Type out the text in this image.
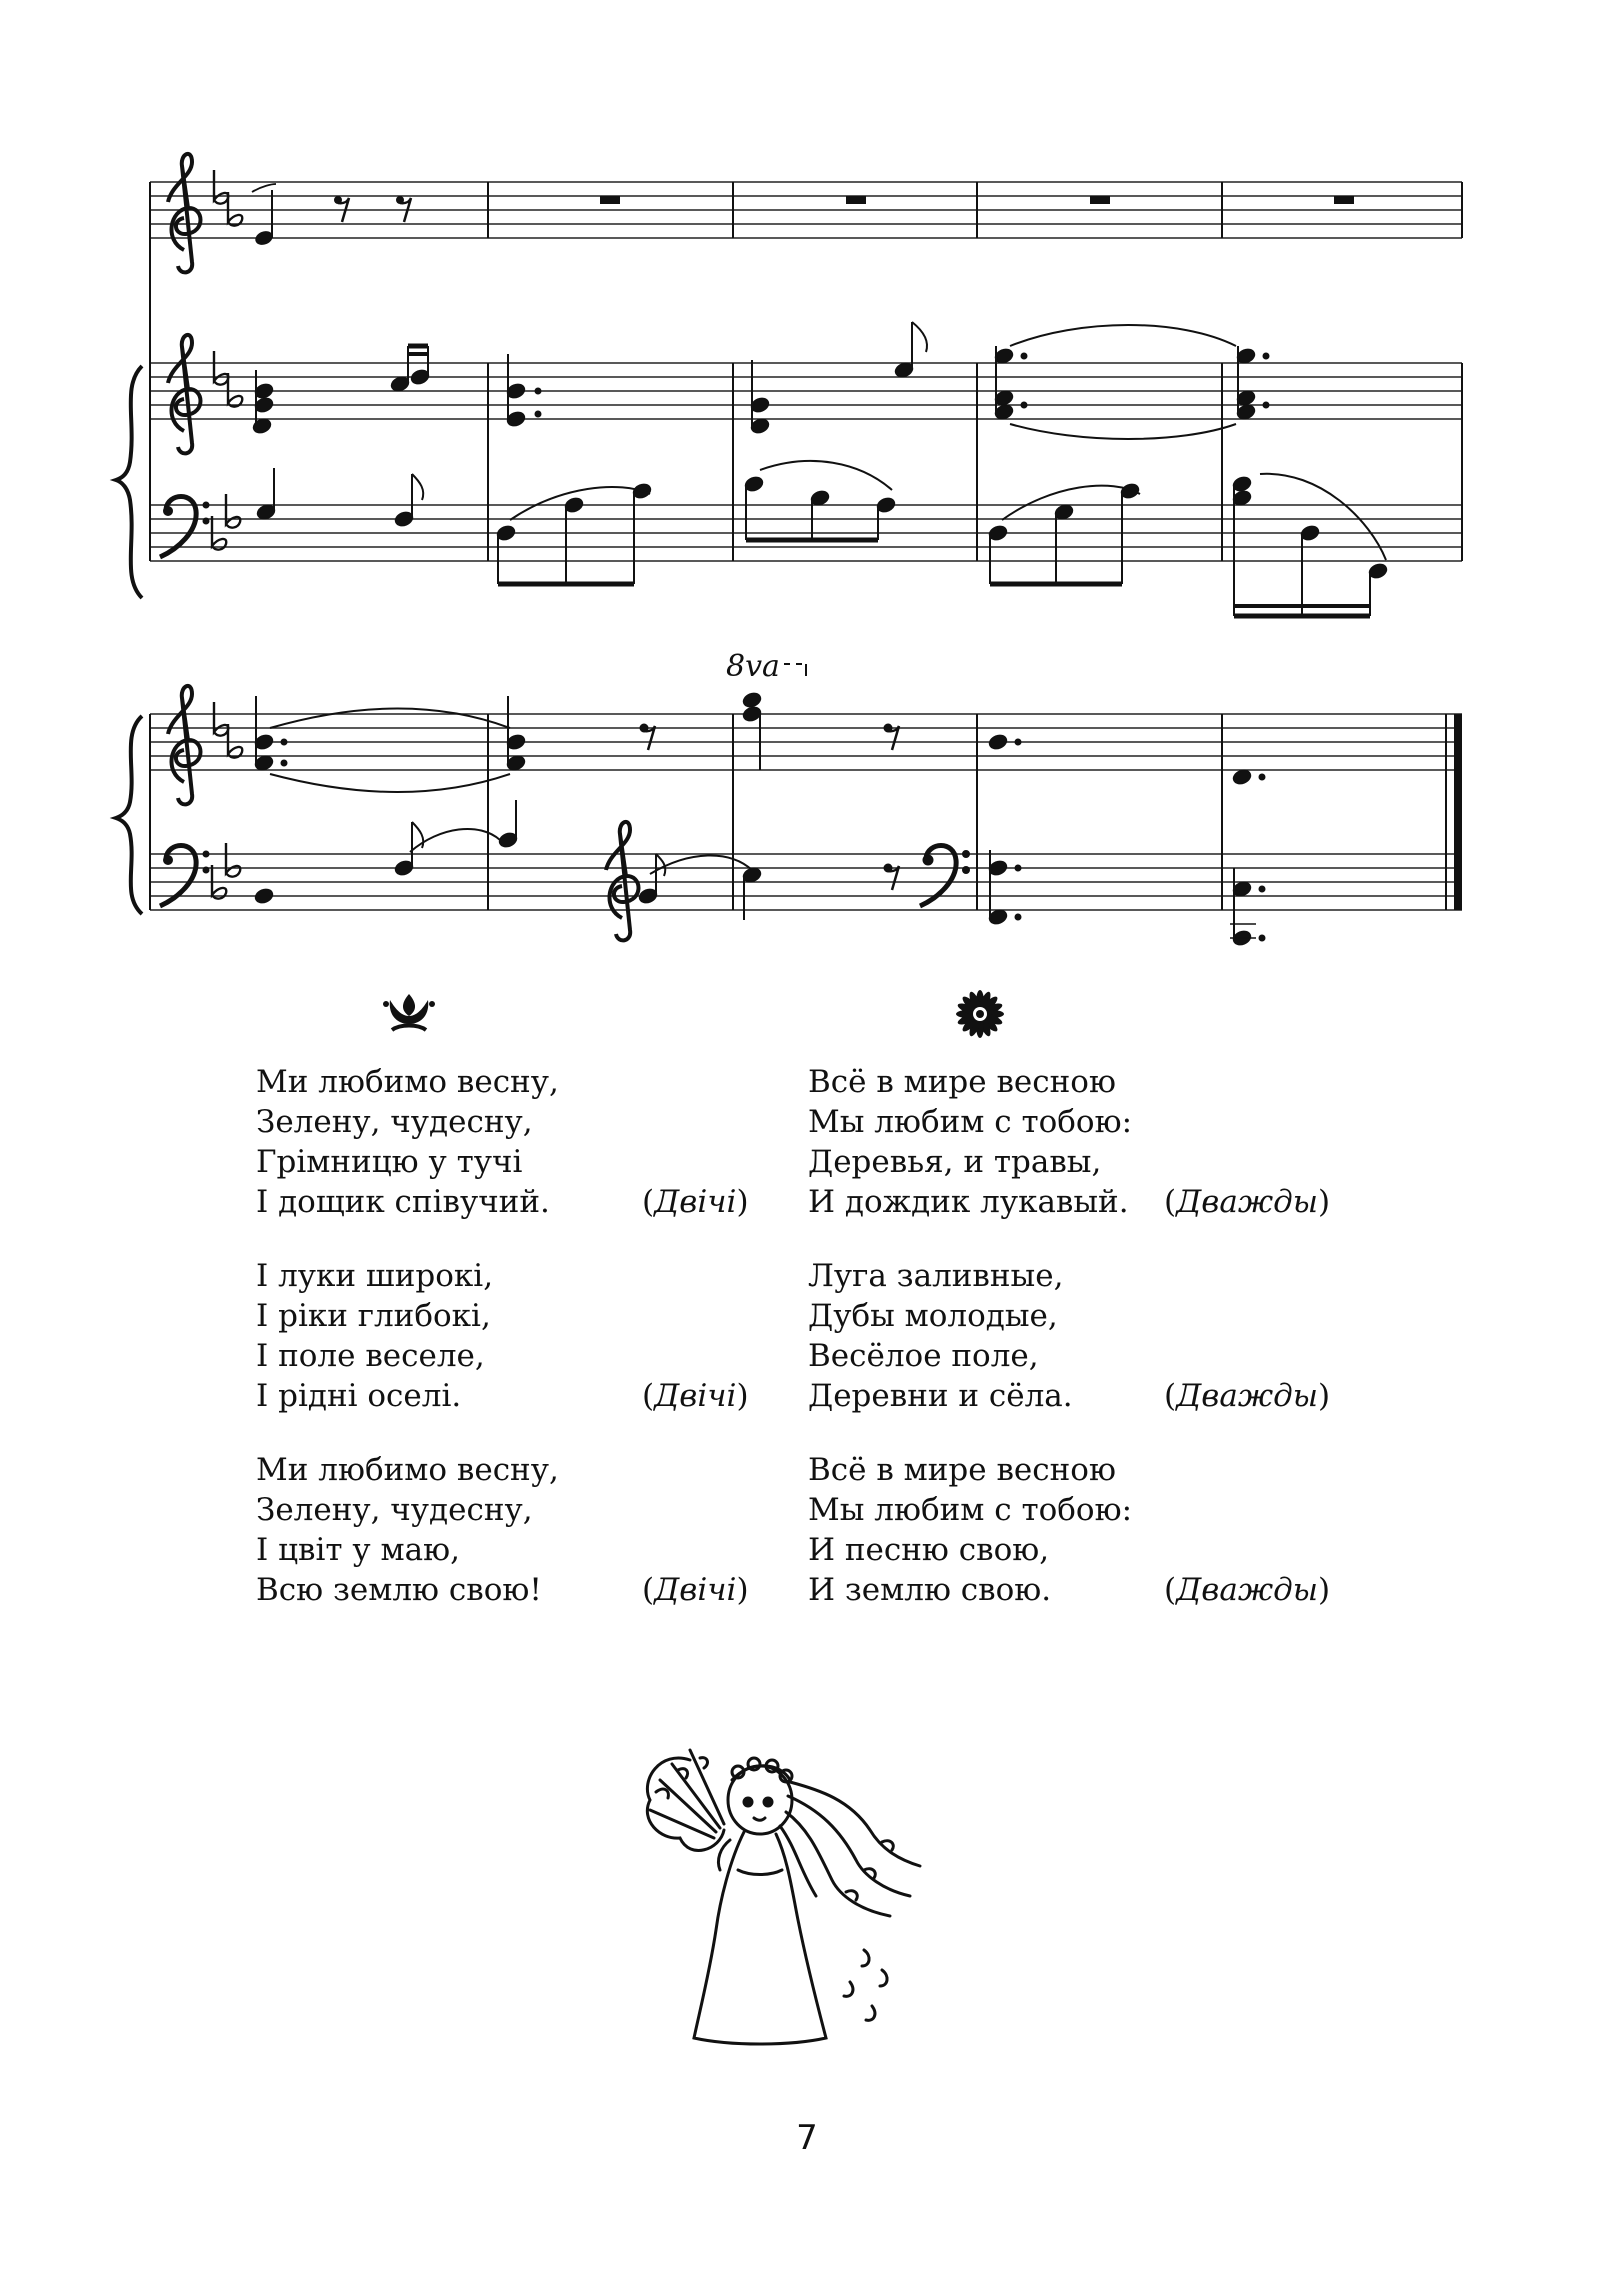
8va
Ми любимо весну,
Зелену, чудесну,
Грімницю у тучі
І дощик співучий.	(Двічі)
І луки широкі,
І ріки глибокі,
І поле веселе,
І рідні оселі.	(Двічі)
Ми любимо весну,
Зелену, чудесну,
І цвіт у маю,
Всю землю свою!	(Двічі)
Всё в мире весною
Мы любим с тобою:
Деревья, и травы,
И дождик лукавый. (Дважды)
Луга заливные,
Дубы молодые,
Весёлое поле,
Деревни и сёла.	(Дважды)
Всё в мире весною
Мы любим с тобою:
И песню свою,
И землю свою.	(Дважды)
7
